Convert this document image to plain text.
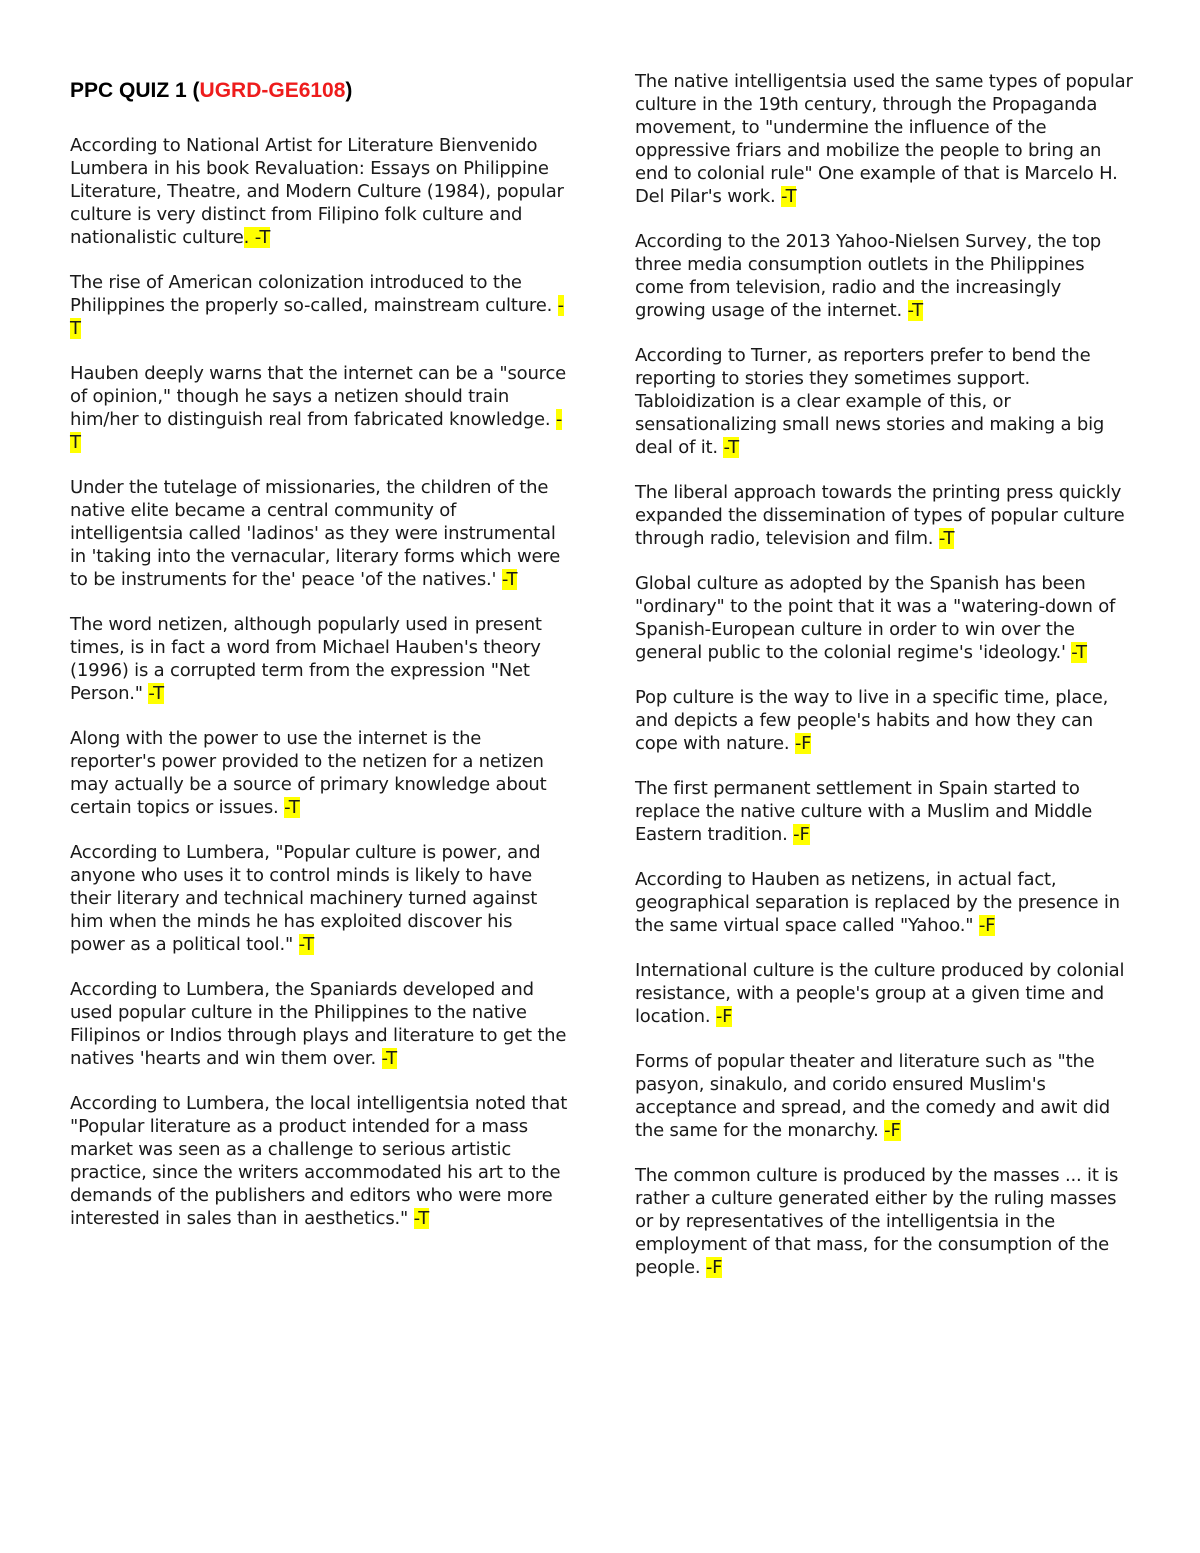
PPC QUIZ 1 (UGRD-GE6108)

According to National Artist for Literature Bienvenido Lumbera in his book Revaluation: Essays on Philippine Literature, Theatre, and Modern Culture (1984), popular culture is very distinct from Filipino folk culture and nationalistic culture. -T

The rise of American colonization introduced to the Philippines the properly so-called, mainstream culture. -T

Hauben deeply warns that the internet can be a "source of opinion," though he says a netizen should train him/her to distinguish real from fabricated knowledge. -T

Under the tutelage of missionaries, the children of the native elite became a central community of intelligentsia called 'ladinos' as they were instrumental in 'taking into the vernacular, literary forms which were to be instruments for the' peace 'of the natives.' -T

The word netizen, although popularly used in present times, is in fact a word from Michael Hauben's theory (1996) is a corrupted term from the expression "Net Person." -T

Along with the power to use the internet is the reporter's power provided to the netizen for a netizen may actually be a source of primary knowledge about certain topics or issues. -T

According to Lumbera, "Popular culture is power, and anyone who uses it to control minds is likely to have their literary and technical machinery turned against him when the minds he has exploited discover his power as a political tool." -T

According to Lumbera, the Spaniards developed and used popular culture in the Philippines to the native Filipinos or Indios through plays and literature to get the natives 'hearts and win them over. -T

According to Lumbera, the local intelligentsia noted that "Popular literature as a product intended for a mass market was seen as a challenge to serious artistic practice, since the writers accommodated his art to the demands of the publishers and editors who were more interested in sales than in aesthetics." -T

The native intelligentsia used the same types of popular culture in the 19th century, through the Propaganda movement, to "undermine the influence of the oppressive friars and mobilize the people to bring an end to colonial rule" One example of that is Marcelo H. Del Pilar's work. -T

According to the 2013 Yahoo-Nielsen Survey, the top three media consumption outlets in the Philippines come from television, radio and the increasingly growing usage of the internet. -T

According to Turner, as reporters prefer to bend the reporting to stories they sometimes support. Tabloidization is a clear example of this, or sensationalizing small news stories and making a big deal of it. -T

The liberal approach towards the printing press quickly expanded the dissemination of types of popular culture through radio, television and film. -T

Global culture as adopted by the Spanish has been "ordinary" to the point that it was a "watering-down of Spanish-European culture in order to win over the general public to the colonial regime's 'ideology.' -T

Pop culture is the way to live in a specific time, place, and depicts a few people's habits and how they can cope with nature. -F

The first permanent settlement in Spain started to replace the native culture with a Muslim and Middle Eastern tradition. -F

According to Hauben as netizens, in actual fact, geographical separation is replaced by the presence in the same virtual space called "Yahoo." -F

International culture is the culture produced by colonial resistance, with a people's group at a given time and location. -F

Forms of popular theater and literature such as "the pasyon, sinakulo, and corido ensured Muslim's acceptance and spread, and the comedy and awit did the same for the monarchy. -F

The common culture is produced by the masses ... it is rather a culture generated either by the ruling masses or by representatives of the intelligentsia in the employment of that mass, for the consumption of the people. -F
